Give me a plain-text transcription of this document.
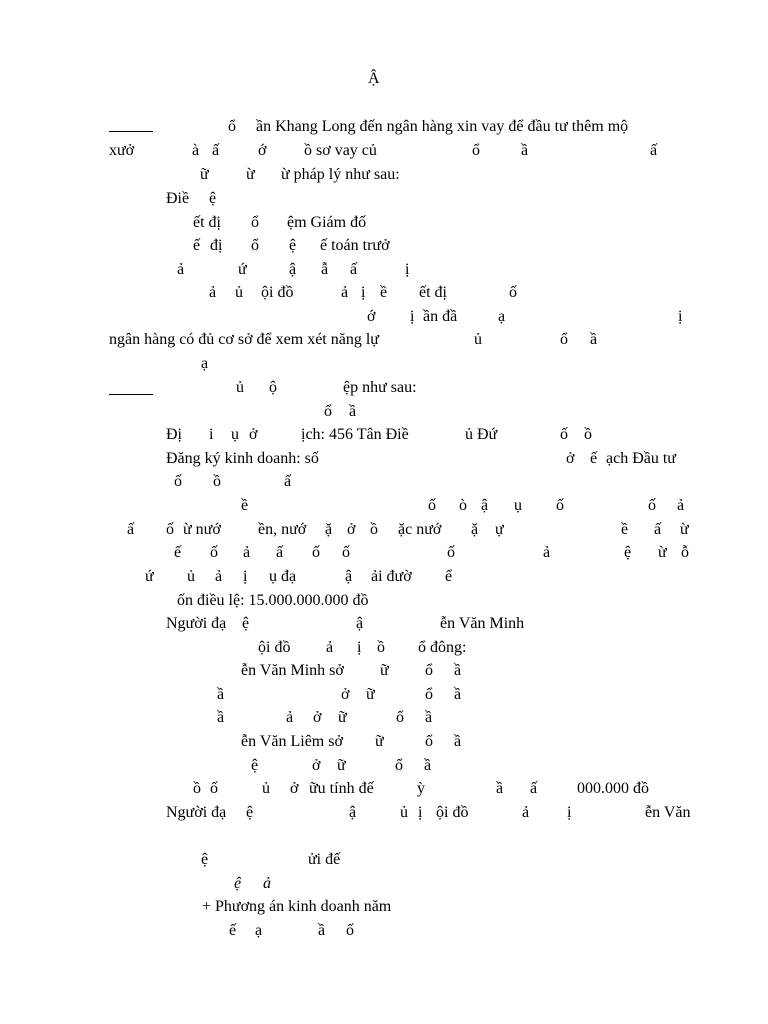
Ậ
ổ ần Khang Long đến ngân hàng xin vay để đầu tư thêm mộ
xưở	à ấ ớ ồ sơ vay củ	ổ	ầ	ấ
ữ ừ ừ pháp lý như sau:
Điề ệ
ết đị ổ ệm Giám đố
ế đị ổ ệ ế toán trưở
ả	ứ	ậ ẫ ấ	ị
ả ủ ội đồ	ả ị ề ết đị	ố
ớ ị ần đầ	ạ	ị
ngân hàng có đủ cơ sở để xem xét năng lự	ủ	ổ ầ
ạ
ủ ộ	ệp như sau:
ổ ầ
Đị i ụ ở	ịch: 456 Tân Điề	ủ Đứ	ố ồ
Đăng ký kinh doanh: số	ở ế ạch Đầu tư
ố ồ	ấ
ề	ố ò ậ ụ ố	ố ả
ấ ố ừ nướ ền, nướ ặ ở ồ ặc nướ ặ ự	ề ấ ừ
ế ố ả ấ ố ố	ố	ả	ệ ừ ỗ
ứ ủ ả ị ụ đạ	ậ ải đườ ể
ốn điều lệ: 15.000.000.000 đồ
Người đạ ệ	ậ	ễn Văn Minh
ội đồ ả ị ồ ổ đông:
ễn Văn Minh sở ữ ổ ầ
ầ	ở ữ	ổ ầ
ầ	ả ở ữ	ổ ầ
ễn Văn Liêm sở ữ	ổ ầ
ệ	ở ữ	ổ ầ
ồ ố	ủ ở ữu tính đế	ỳ	ầ ấ 000.000 đồ
Người đạ ệ	ậ	ủ ị ội đồ	ả ị	ễn Văn
ệ	ửi đế
ệ ả
+ Phương án kinh doanh năm
ế ạ	ầ ố
